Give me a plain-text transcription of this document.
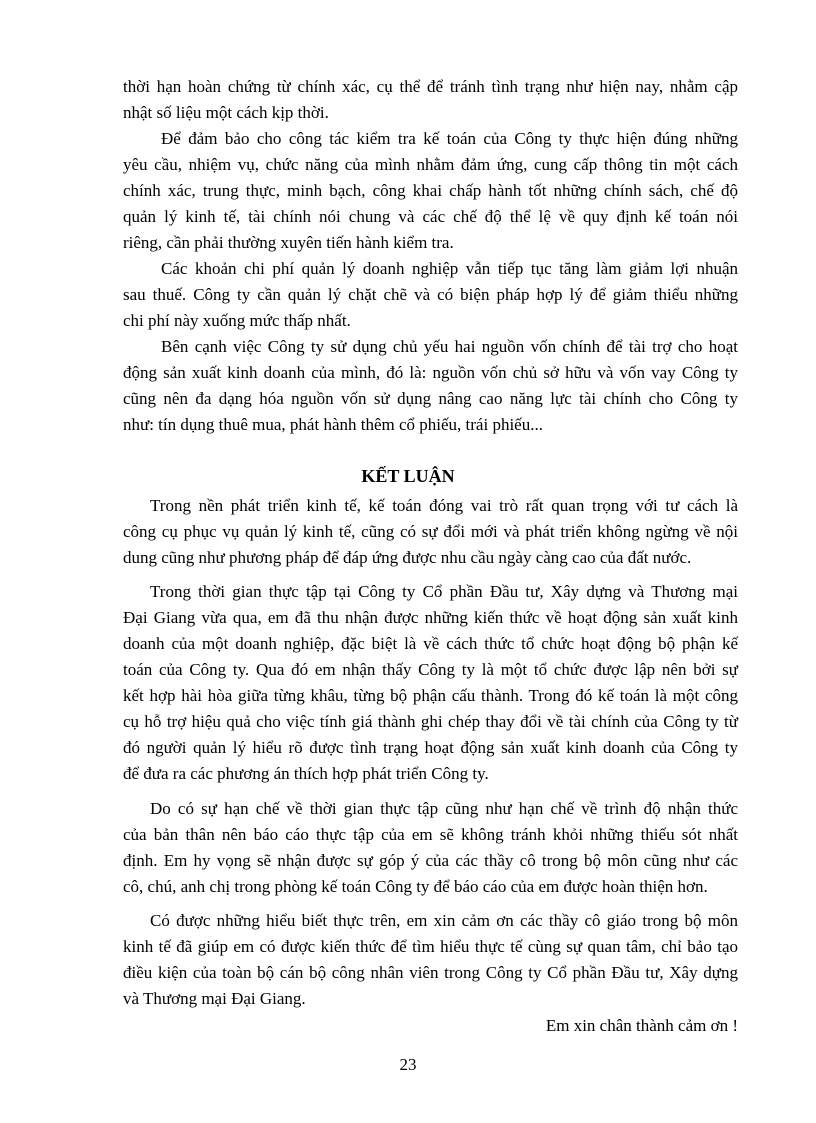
thời hạn hoàn chứng từ chính xác, cụ thể để tránh tình trạng như hiện nay, nhằm cập
nhật số liệu một cách kịp thời.
Để đảm bảo cho công tác kiểm tra kế toán của Công ty thực hiện đúng những
yêu cầu, nhiệm vụ, chức năng của mình nhằm đảm ứng, cung cấp thông tin một cách
chính xác, trung thực, minh bạch, công khai chấp hành tốt những chính sách, chế độ
quản lý kinh tế, tài chính nói chung và các chế độ thể lệ về quy định kế toán nói
riêng, cần phải thường xuyên tiến hành kiểm tra.
Các khoản chi phí quản lý doanh nghiệp vẫn tiếp tục tăng làm giảm lợi nhuận
sau thuế. Công ty cần quản lý chặt chẽ và có biện pháp hợp lý để giảm thiểu những
chi phí này xuống mức thấp nhất.
Bên cạnh việc Công ty sử dụng chủ yếu hai nguồn vốn chính để tài trợ cho hoạt
động sản xuất kinh doanh của mình, đó là: nguồn vốn chủ sở hữu và vốn vay Công ty
cũng nên đa dạng hóa nguồn vốn sử dụng nâng cao năng lực tài chính cho Công ty
như: tín dụng thuê mua, phát hành thêm cổ phiếu, trái phiếu...
KẾT LUẬN
Trong nền phát triển kinh tế, kế toán đóng vai trò rất quan trọng với tư cách là
công cụ phục vụ quản lý kinh tế, cũng có sự đổi mới và phát triển không ngừng về nội
dung cũng như phương pháp để đáp ứng được nhu cầu ngày càng cao của đất nước.
Trong thời gian thực tập tại Công ty Cổ phần Đầu tư, Xây dựng và Thương mại
Đại Giang vừa qua, em đã thu nhận được những kiến thức về hoạt động sản xuất kinh
doanh của một doanh nghiệp, đặc biệt là về cách thức tổ chức hoạt động bộ phận kế
toán của Công ty. Qua đó em nhận thấy Công ty là một tổ chức được lập nên bởi sự
kết hợp hài hòa giữa từng khâu, từng bộ phận cấu thành. Trong đó kế toán là một công
cụ hỗ trợ hiệu quả cho việc tính giá thành ghi chép thay đổi về tài chính của Công ty từ
đó người quản lý hiểu rõ được tình trạng hoạt động sản xuất kinh doanh của Công ty
để đưa ra các phương án thích hợp phát triển Công ty.
Do có sự hạn chế về thời gian thực tập cũng như hạn chế về trình độ nhận thức
của bản thân nên báo cáo thực tập của em sẽ không tránh khỏi những thiếu sót nhất
định. Em hy vọng sẽ nhận được sự góp ý của các thầy cô trong bộ môn cũng như các
cô, chú, anh chị trong phòng kế toán Công ty để báo cáo của em được hoàn thiện hơn.
Có được những hiểu biết thực trên, em xin cảm ơn các thầy cô giáo trong bộ môn
kinh tế đã giúp em có được kiến thức để tìm hiểu thực tế cùng sự quan tâm, chỉ bảo tạo
điều kiện của toàn bộ cán bộ công nhân viên trong Công ty Cổ phần Đầu tư, Xây dựng
và Thương mại Đại Giang.
Em xin chân thành cảm ơn !
23
